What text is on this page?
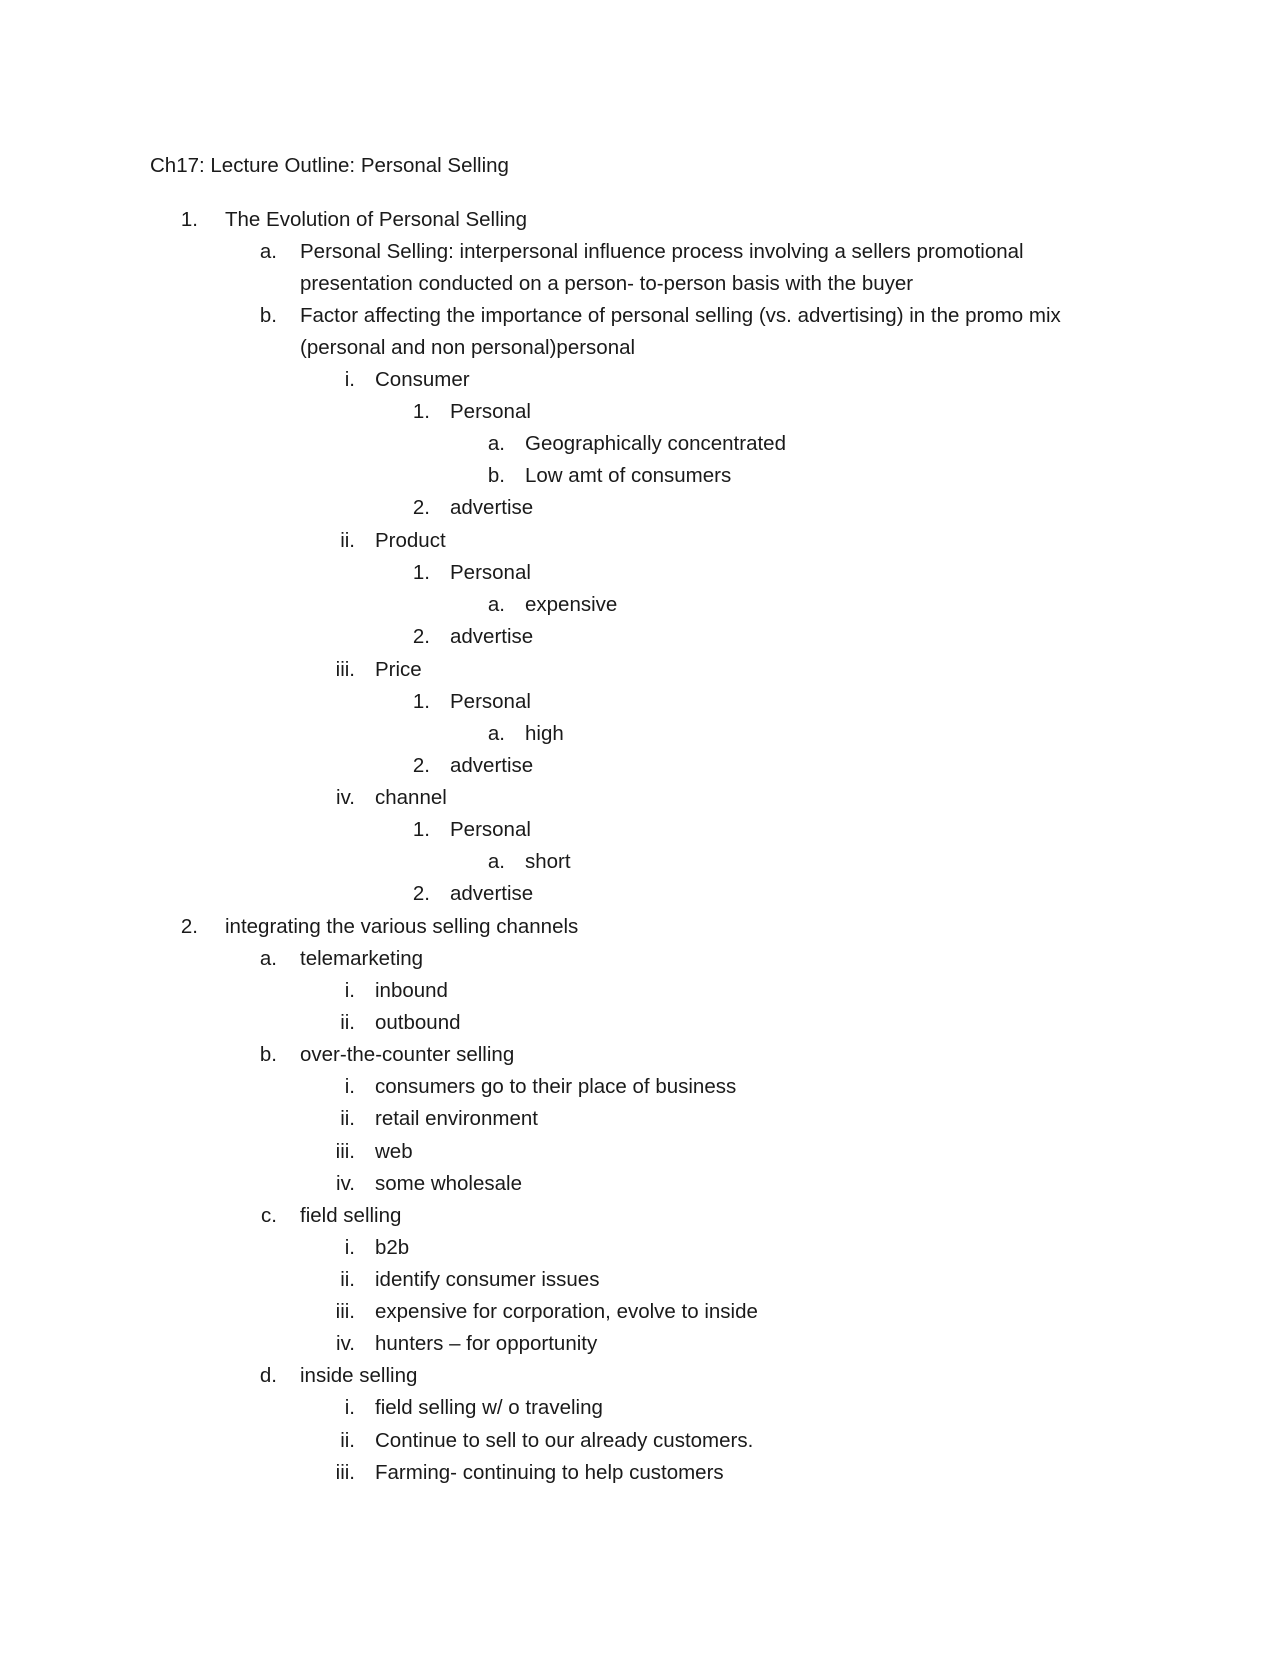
Ch17: Lecture Outline: Personal Selling
1. The Evolution of Personal Selling
a. Personal Selling: interpersonal influence process involving a sellers promotional presentation conducted on a person- to-person basis with the buyer
b. Factor affecting the importance of personal selling (vs. advertising) in the promo mix (personal and non personal)personal
i. Consumer
1. Personal
a. Geographically concentrated
b. Low amt of consumers
2. advertise
ii. Product
1. Personal
a. expensive
2. advertise
iii. Price
1. Personal
a. high
2. advertise
iv. channel
1. Personal
a. short
2. advertise
2. integrating the various selling channels
a. telemarketing
i. inbound
ii. outbound
b. over-the-counter selling
i. consumers go to their place of business
ii. retail environment
iii. web
iv. some wholesale
c. field selling
i. b2b
ii. identify consumer issues
iii. expensive for corporation, evolve to inside
iv. hunters – for opportunity
d. inside selling
i. field selling w/ o traveling
ii. Continue to sell to our already customers.
iii. Farming- continuing to help customers
